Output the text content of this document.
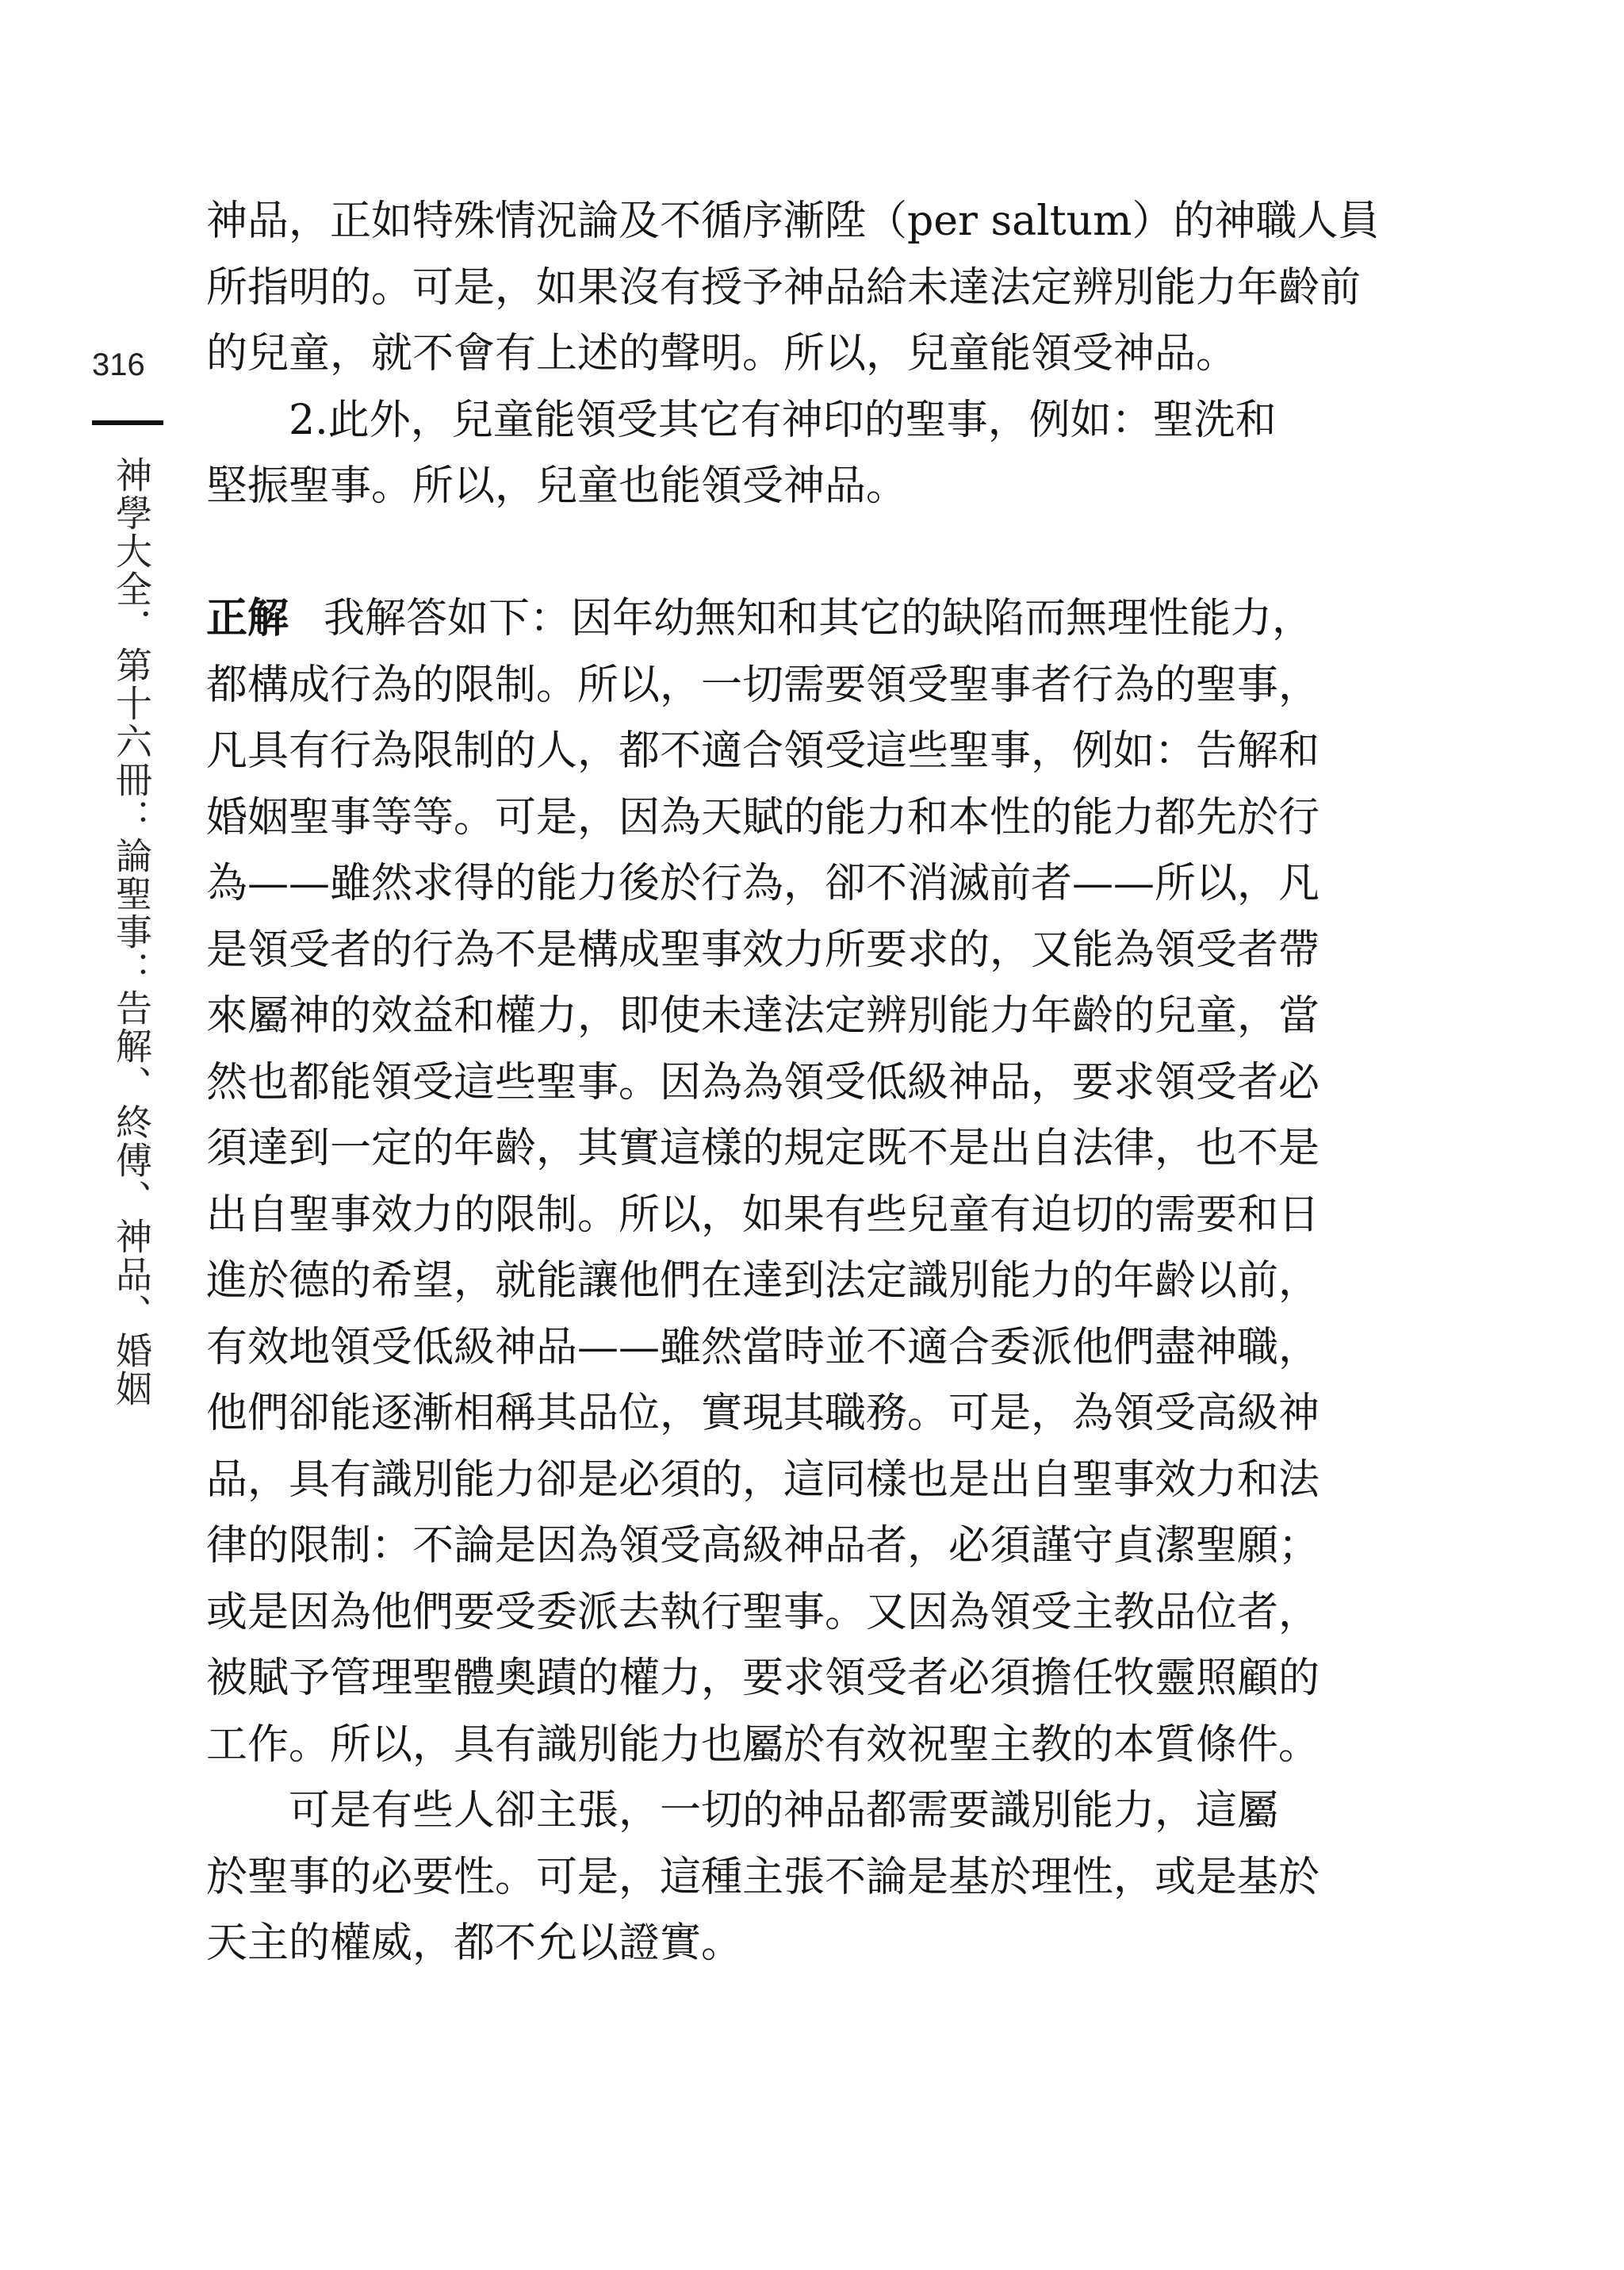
316
神學大全．第十六冊：論聖事：告解、終傅、神品、婚姻
神品，正如特殊情況論及不循序漸陞（per saltum）的神職人員
所指明的。可是，如果沒有授予神品給未達法定辨別能力年齡前
的兒童，就不會有上述的聲明。所以，兒童能領受神品。
　　2.此外，兒童能領受其它有神印的聖事，例如：聖洗和
堅振聖事。所以，兒童也能領受神品。
正解 我解答如下：因年幼無知和其它的缺陷而無理性能力，
都構成行為的限制。所以，一切需要領受聖事者行為的聖事，
凡具有行為限制的人，都不適合領受這些聖事，例如：告解和
婚姻聖事等等。可是，因為天賦的能力和本性的能力都先於行
為——雖然求得的能力後於行為，卻不消滅前者——所以，凡
是領受者的行為不是構成聖事效力所要求的，又能為領受者帶
來屬神的效益和權力，即使未達法定辨別能力年齡的兒童，當
然也都能領受這些聖事。因為為領受低級神品，要求領受者必
須達到一定的年齡，其實這樣的規定既不是出自法律，也不是
出自聖事效力的限制。所以，如果有些兒童有迫切的需要和日
進於德的希望，就能讓他們在達到法定識別能力的年齡以前，
有效地領受低級神品——雖然當時並不適合委派他們盡神職，
他們卻能逐漸相稱其品位，實現其職務。可是，為領受高級神
品，具有識別能力卻是必須的，這同樣也是出自聖事效力和法
律的限制：不論是因為領受高級神品者，必須謹守貞潔聖願；
或是因為他們要受委派去執行聖事。又因為領受主教品位者，
被賦予管理聖體奧蹟的權力，要求領受者必須擔任牧靈照顧的
工作。所以，具有識別能力也屬於有效祝聖主教的本質條件。
　　可是有些人卻主張，一切的神品都需要識別能力，這屬
於聖事的必要性。可是，這種主張不論是基於理性，或是基於
天主的權威，都不允以證實。
